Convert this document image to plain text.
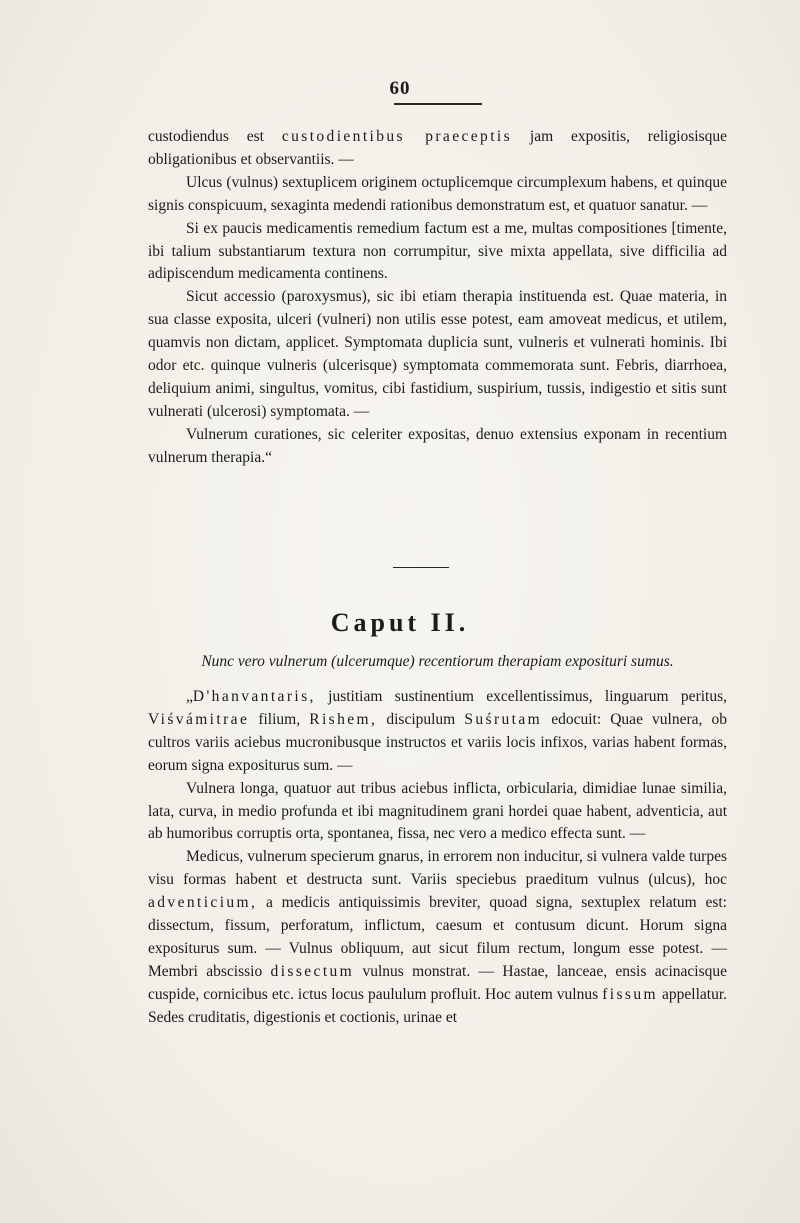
60

custodiendus est custodientibus praeceptis jam expositis, religiosisque obligationibus et observantiis. —

Ulcus (vulnus) sextuplicem originem octuplicemque circumplexum habens, et quinque signis conspicuum, sexaginta medendi rationibus demonstratum est, et quatuor sanatur. —

Si ex paucis medicamentis remedium factum est a me, multas compositiones [timente, ibi talium substantiarum textura non corrumpitur, sive mixta appellata, sive difficilia ad adipiscendum medicamenta continens.

Sicut accessio (paroxysmus), sic ibi etiam therapia instituenda est. Quae materia, in sua classe exposita, ulceri (vulneri) non utilis esse potest, eam amoveat medicus, et utilem, quamvis non dictam, applicet. Symptomata duplicia sunt, vulneris et vulnerati hominis. Ibi odor etc. quinque vulneris (ulcerisque) symptomata commemorata sunt. Febris, diarrhoea, deliquium animi, singultus, vomitus, cibi fastidium, suspirium, tussis, indigestio et sitis sunt vulnerati (ulcerosi) symptomata. —

Vulnerum curationes, sic celeriter expositas, denuo extensius exponam in recentium vulnerum therapia.“

Caput II.
Nunc vero vulnerum (ulcerumque) recentiorum therapiam exposituri sumus.

„D'hanvantaris, justitiam sustinentium excellentissimus, linguarum peritus, Viśvámitrae filium, Rishem, discipulum Suśrutam edocuit: Quae vulnera, ob cultros variis aciebus mucronibusque instructos et variis locis infixos, varias habent formas, eorum signa expositurus sum. —

Vulnera longa, quatuor aut tribus aciebus inflicta, orbicularia, dimidiae lunae similia, lata, curva, in medio profunda et ibi magnitudinem grani hordei quae habent, adventicia, aut ab humoribus corruptis orta, spontanea, fissa, nec vero a medico effecta sunt. —

Medicus, vulnerum specierum gnarus, in errorem non inducitur, si vulnera valde turpes visu formas habent et destructa sunt. Variis speciebus praeditum vulnus (ulcus), hoc adventicium, a medicis antiquissimis breviter, quoad signa, sextuplex relatum est: dissectum, fissum, perforatum, inflictum, caesum et contusum dicunt. Horum signa expositurus sum. — Vulnus obliquum, aut sicut filum rectum, longum esse potest. — Membri abscissio dissectum vulnus monstrat. — Hastae, lanceae, ensis acinacisque cuspide, cornicibus etc. ictus locus paululum profluit. Hoc autem vulnus fissum appellatur. Sedes cruditatis, digestionis et coctionis, urinae et
